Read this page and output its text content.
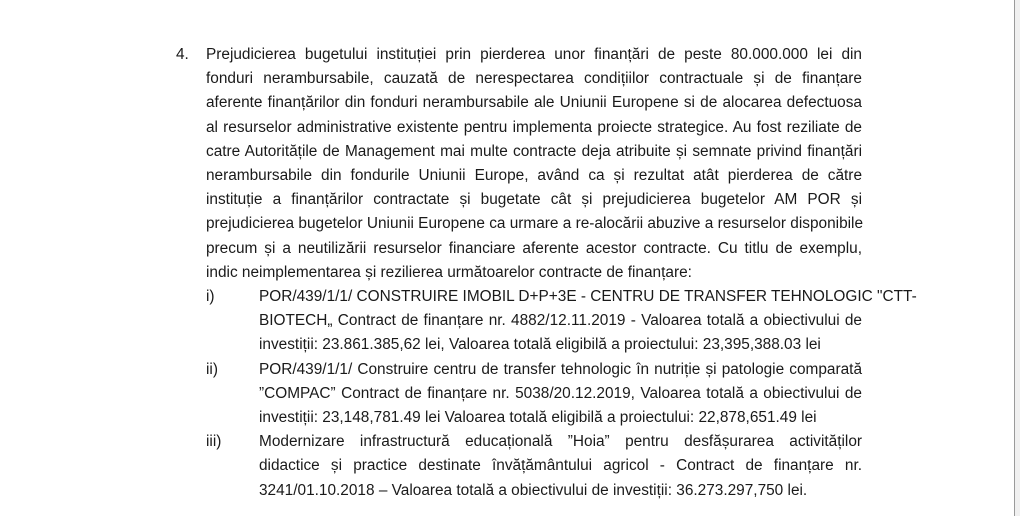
4. Prejudicierea bugetului instituției prin pierderea unor finanțări de peste 80.000.000 lei din
fonduri nerambursabile, cauzată de nerespectarea condițiilor contractuale și de finanțare
aferente finanțărilor din fonduri nerambursabile ale Uniunii Europene si de alocarea defectuosa
al resurselor administrative existente pentru implementa proiecte strategice. Au fost reziliate de
catre Autoritățile de Management mai multe contracte deja atribuite și semnate privind finanțări
nerambursabile din fondurile Uniunii Europe, având ca și rezultat atât pierderea de către
instituție a finanțărilor contractate și bugetate cât și prejudicierea bugetelor AM POR și
prejudicierea bugetelor Uniunii Europene ca urmare a re-alocării abuzive a resurselor disponibile
precum și a neutilizării resurselor financiare aferente acestor contracte. Cu titlu de exemplu,
indic neimplementarea și rezilierea următoarelor contracte de finanțare:
i)	POR/439/1/1/ CONSTRUIRE IMOBIL D+P+3E - CENTRU DE TRANSFER TEHNOLOGIC "CTT-
BIOTECH„ Contract de finanțare nr. 4882/12.11.2019 - Valoarea totală a obiectivului de
investiții: 23.861.385,62 lei, Valoarea totală eligibilă a proiectului: 23,395,388.03 lei
ii)	POR/439/1/1/ Construire centru de transfer tehnologic în nutriție și patologie comparată
”COMPAC” Contract de finanțare nr. 5038/20.12.2019, Valoarea totală a obiectivului de
investiții: 23,148,781.49 lei Valoarea totală eligibilă a proiectului: 22,878,651.49 lei
iii) Modernizare infrastructură educațională ”Hoia” pentru desfășurarea activităților
didactice și practice destinate învățământului agricol - Contract de finanțare nr.
3241/01.10.2018 – Valoarea totală a obiectivului de investiții: 36.273.297,750 lei.
